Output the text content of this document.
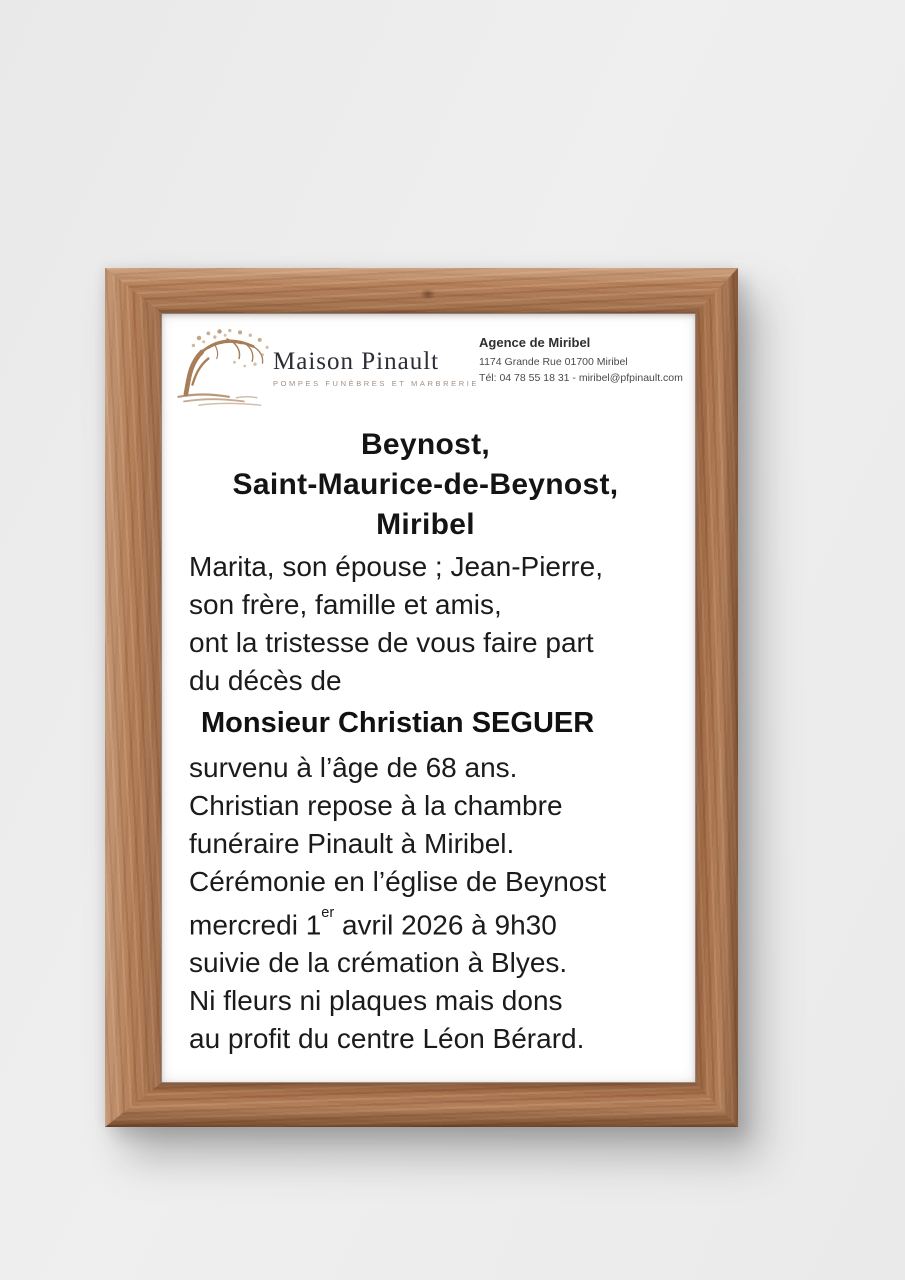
Maison Pinault
POMPES FUNÈBRES ET MARBRERIE
Agence de Miribel
1174 Grande Rue 01700 Miribel
Tél: 04 78 55 18 31 - miribel@pfpinault.com
Beynost,
Saint-Maurice-de-Beynost,
Miribel
Marita, son épouse ; Jean-Pierre,
son frère, famille et amis,
ont la tristesse de vous faire part
du décès de
Monsieur Christian SEGUER
survenu à l’âge de 68 ans.
Christian repose à la chambre
funéraire Pinault à Miribel.
Cérémonie en l’église de Beynost
mercredi 1er avril 2026 à 9h30
suivie de la crémation à Blyes.
Ni fleurs ni plaques mais dons
au profit du centre Léon Bérard.
